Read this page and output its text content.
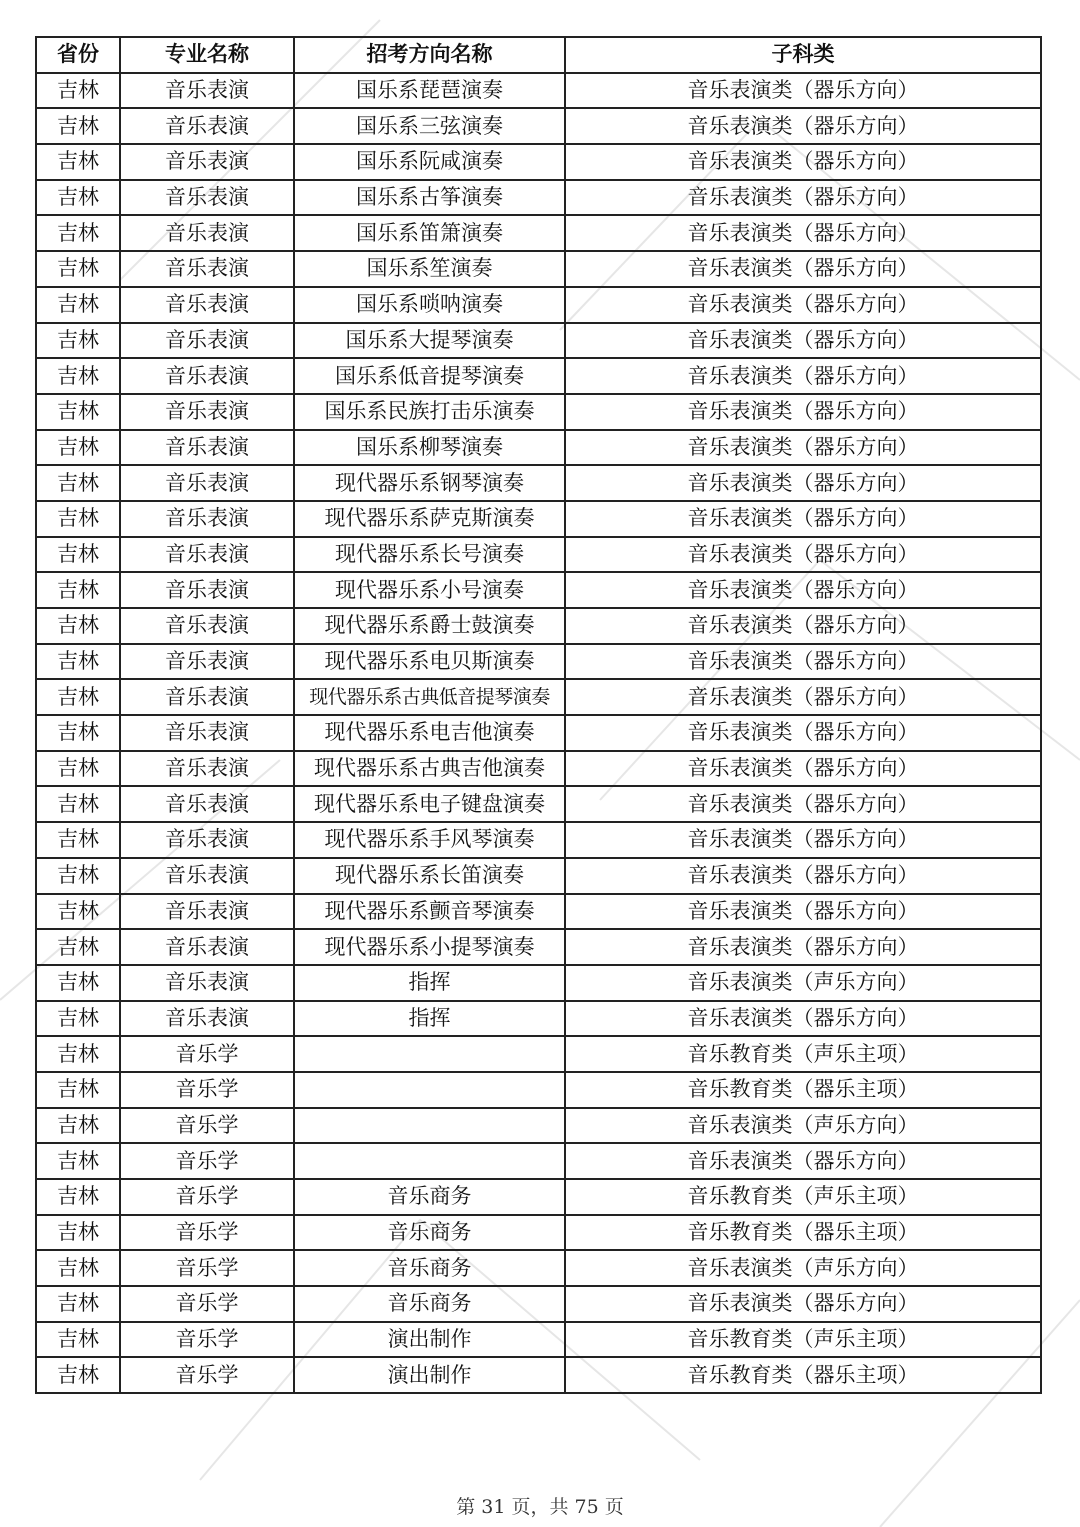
省份	专业名称	招考方向名称	子科类
吉林	音乐表演	国乐系琵琶演奏	音乐表演类（器乐方向）
吉林	音乐表演	国乐系三弦演奏	音乐表演类（器乐方向）
吉林	音乐表演	国乐系阮咸演奏	音乐表演类（器乐方向）
吉林	音乐表演	国乐系古筝演奏	音乐表演类（器乐方向）
吉林	音乐表演	国乐系笛箫演奏	音乐表演类（器乐方向）
吉林	音乐表演	国乐系笙演奏	音乐表演类（器乐方向）
吉林	音乐表演	国乐系唢呐演奏	音乐表演类（器乐方向）
吉林	音乐表演	国乐系大提琴演奏	音乐表演类（器乐方向）
吉林	音乐表演	国乐系低音提琴演奏	音乐表演类（器乐方向）
吉林	音乐表演	国乐系民族打击乐演奏	音乐表演类（器乐方向）
吉林	音乐表演	国乐系柳琴演奏	音乐表演类（器乐方向）
吉林	音乐表演	现代器乐系钢琴演奏	音乐表演类（器乐方向）
吉林	音乐表演	现代器乐系萨克斯演奏	音乐表演类（器乐方向）
吉林	音乐表演	现代器乐系长号演奏	音乐表演类（器乐方向）
吉林	音乐表演	现代器乐系小号演奏	音乐表演类（器乐方向）
吉林	音乐表演	现代器乐系爵士鼓演奏	音乐表演类（器乐方向）
吉林	音乐表演	现代器乐系电贝斯演奏	音乐表演类（器乐方向）
吉林	音乐表演	现代器乐系古典低音提琴演奏	音乐表演类（器乐方向）
吉林	音乐表演	现代器乐系电吉他演奏	音乐表演类（器乐方向）
吉林	音乐表演	现代器乐系古典吉他演奏	音乐表演类（器乐方向）
吉林	音乐表演	现代器乐系电子键盘演奏	音乐表演类（器乐方向）
吉林	音乐表演	现代器乐系手风琴演奏	音乐表演类（器乐方向）
吉林	音乐表演	现代器乐系长笛演奏	音乐表演类（器乐方向）
吉林	音乐表演	现代器乐系颤音琴演奏	音乐表演类（器乐方向）
吉林	音乐表演	现代器乐系小提琴演奏	音乐表演类（器乐方向）
吉林	音乐表演	指挥	音乐表演类（声乐方向）
吉林	音乐表演	指挥	音乐表演类（器乐方向）
吉林	音乐学		音乐教育类（声乐主项）
吉林	音乐学		音乐教育类（器乐主项）
吉林	音乐学		音乐表演类（声乐方向）
吉林	音乐学		音乐表演类（器乐方向）
吉林	音乐学	音乐商务	音乐教育类（声乐主项）
吉林	音乐学	音乐商务	音乐教育类（器乐主项）
吉林	音乐学	音乐商务	音乐表演类（声乐方向）
吉林	音乐学	音乐商务	音乐表演类（器乐方向）
吉林	音乐学	演出制作	音乐教育类（声乐主项）
吉林	音乐学	演出制作	音乐教育类（器乐主项）
第 31 页，共 75 页
